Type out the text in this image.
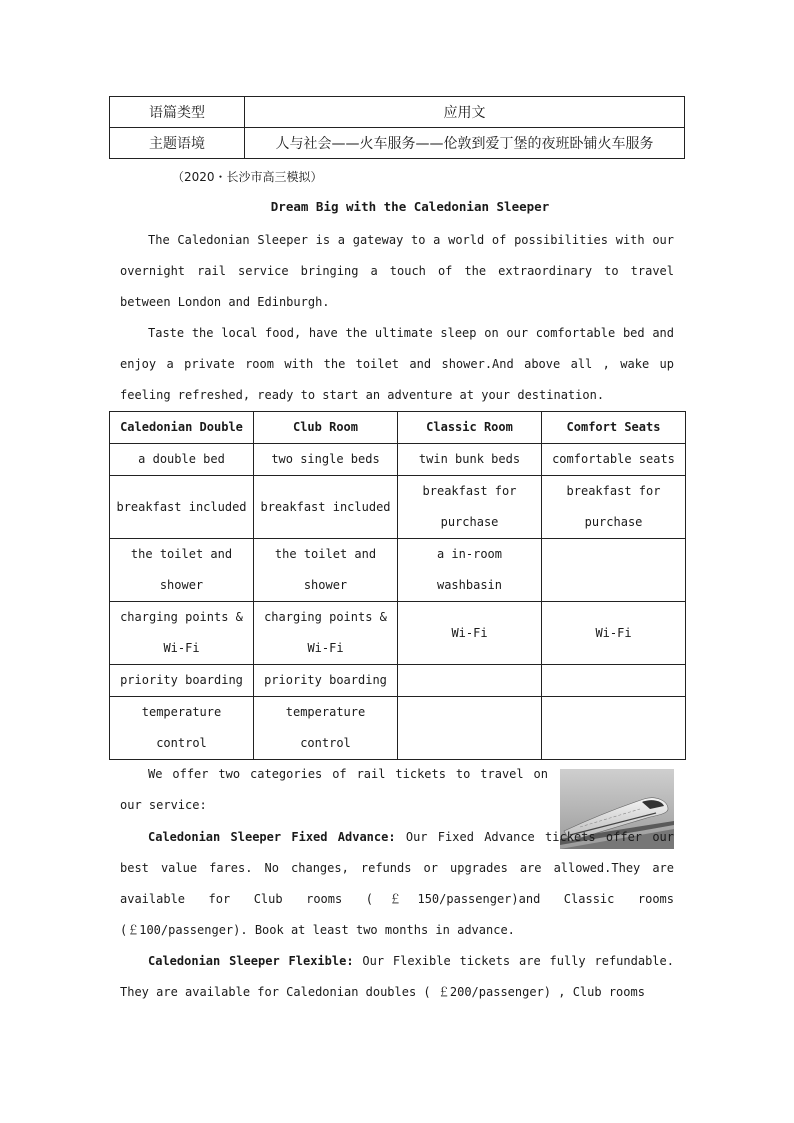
语篇类型	应用文
主题语境	人与社会——火车服务——伦敦到爱丁堡的夜班卧铺火车服务
（2020・长沙市高三模拟）
Dream Big with the Caledonian Sleeper

The Caledonian Sleeper is a gateway to a world of possibilities with our overnight rail service bringing a touch of the extraordinary to travel between London and Edinburgh.

Taste the local food, have the ultimate sleep on our comfortable bed and enjoy a private room with the toilet and shower.And above all , wake up feeling refreshed, ready to start an adventure at your destination.

Caledonian Double	Club Room	Classic Room	Comfort Seats
a double bed	two single beds	twin bunk beds	comfortable seats
breakfast included	breakfast included	breakfast for purchase	breakfast for purchase
the toilet and shower	the toilet and shower	a in-room washbasin	
charging points & Wi-Fi	charging points & Wi-Fi	Wi-Fi	Wi-Fi
priority boarding	priority boarding		
temperature control	temperature control		

We offer two categories of rail tickets to travel on our service:

Caledonian Sleeper Fixed Advance: Our Fixed Advance tickets offer our best value fares. No changes, refunds or upgrades are allowed.They are available for Club rooms (￡150/passenger)and Classic rooms (￡100/passenger). Book at least two months in advance.

Caledonian Sleeper Flexible: Our Flexible tickets are fully refundable. They are available for Caledonian doubles ( ￡200/passenger) , Club rooms
